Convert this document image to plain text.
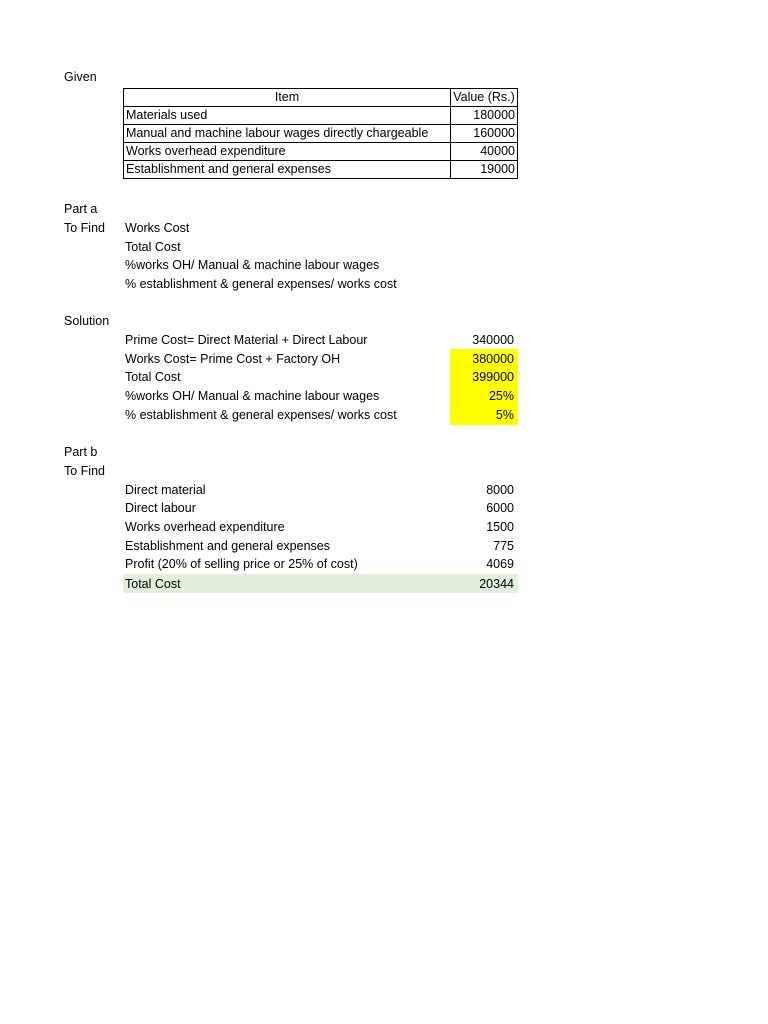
Given
Item	Value (Rs.)
Materials used	180000
Manual and machine labour wages directly chargeable	160000
Works overhead expenditure	40000
Establishment and general expenses	19000
Part a
To Find Works Cost
Total Cost
%works OH/ Manual & machine labour wages
% establishment & general expenses/ works cost
Solution
Prime Cost= Direct Material + Direct Labour	340000
Works Cost= Prime Cost + Factory OH	380000
Total Cost	399000
%works OH/ Manual & machine labour wages	25%
% establishment & general expenses/ works cost	5%
Part b
To Find
Direct material	8000
Direct labour	6000
Works overhead expenditure	1500
Establishment and general expenses	775
Profit (20% of selling price or 25% of cost)	4069
Total Cost	20344
